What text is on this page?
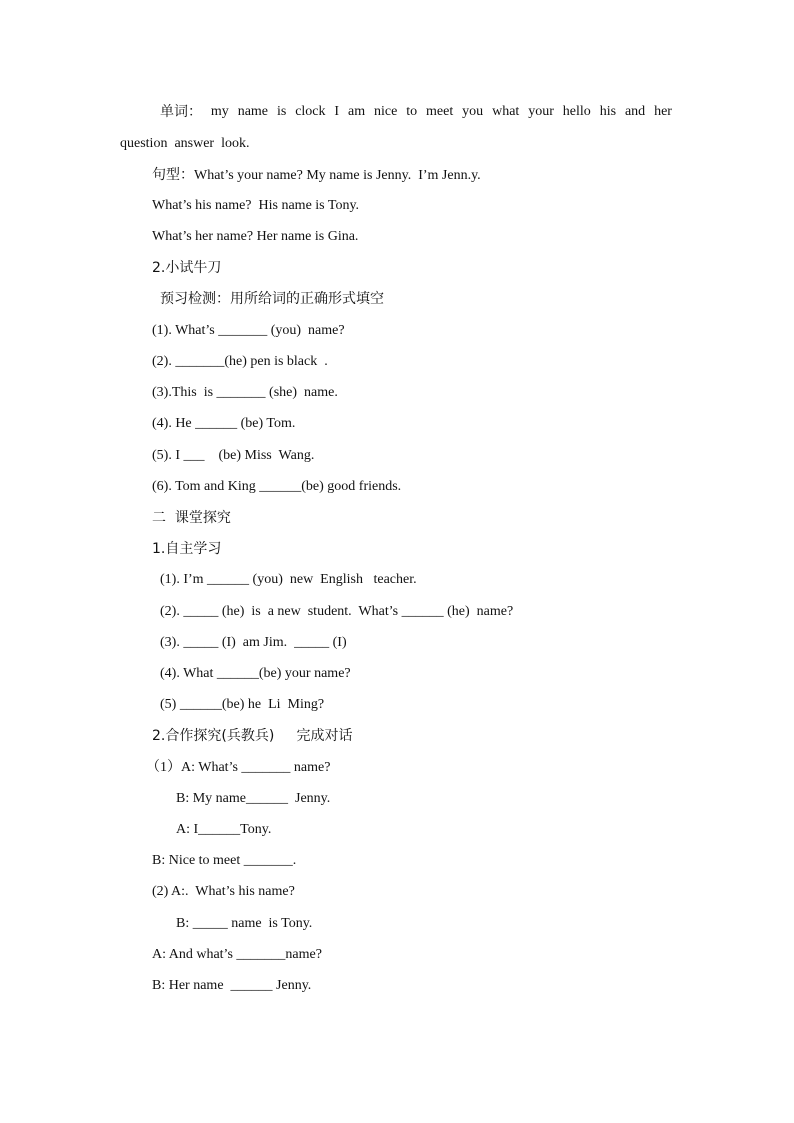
单词： my name is clock I am nice to meet you what your hello his and her
question  answer  look.
句型：What’s your name? My name is Jenny.  I’m Jenn.y.
What’s his name?  His name is Tony.
What’s her name? Her name is Gina.
2.小试牛刀
预习检测：用所给词的正确形式填空
(1). What’s _______ (you)  name?
(2). _______(he) pen is black  .
(3).This  is _______ (she)  name.
(4). He ______ (be) Tom.
(5). I ___    (be) Miss  Wang.
(6). Tom and King ______(be) good friends.
二  课堂探究
1.自主学习
(1). I’m ______ (you)  new  English   teacher.
(2). _____ (he)  is  a new  student.  What’s ______ (he)  name?
(3). _____ (I)  am Jim.  _____ (I)
(4). What ______(be) your name?
(5) ______(be) he  Li  Ming?
2.合作探究(兵教兵)     完成对话
（1）A: What’s _______ name?
B: My name______  Jenny.
A: I______Tony.
B: Nice to meet _______.
(2) A:.  What’s his name?
B: _____ name  is Tony.
A: And what’s _______name?
B: Her name  ______ Jenny.
